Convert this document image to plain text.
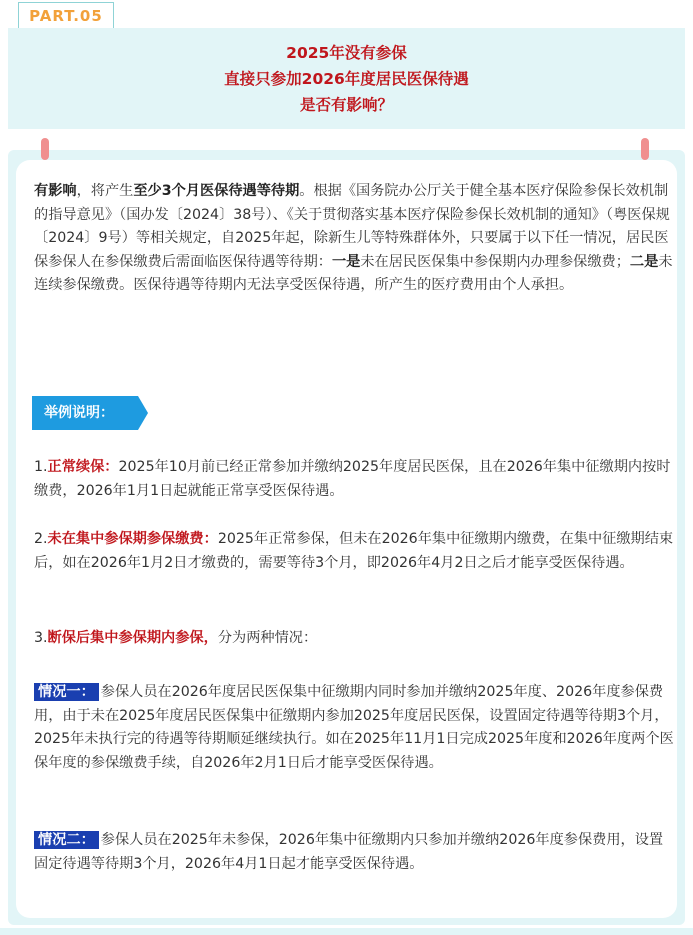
PART.05
2025年没有参保
直接只参加2026年度居民医保待遇
是否有影响？
有影响，将产生至少3个月医保待遇等待期。根据《国务院办公厅关于健全基本医疗保险参保长效机制的指导意见》（国办发〔2024〕38号）、《关于贯彻落实基本医疗保险参保长效机制的通知》（粤医保规〔2024〕9号）等相关规定，自2025年起，除新生儿等特殊群体外，只要属于以下任一情况，居民医保参保人在参保缴费后需面临医保待遇等待期：一是未在居民医保集中参保期内办理参保缴费；二是未连续参保缴费。医保待遇等待期内无法享受医保待遇，所产生的医疗费用由个人承担。
举例说明：
1.正常续保：2025年10月前已经正常参加并缴纳2025年度居民医保，且在2026年集中征缴期内按时缴费，2026年1月1日起就能正常享受医保待遇。
2.未在集中参保期参保缴费：2025年正常参保，但未在2026年集中征缴期内缴费，在集中征缴期结束后，如在2026年1月2日才缴费的，需要等待3个月，即2026年4月2日之后才能享受医保待遇。
3.断保后集中参保期内参保，分为两种情况：
情况一： 参保人员在2026年度居民医保集中征缴期内同时参加并缴纳2025年度、2026年度参保费用，由于未在2025年度居民医保集中征缴期内参加2025年度居民医保，设置固定待遇等待期3个月，2025年未执行完的待遇等待期顺延继续执行。如在2025年11月1日完成2025年度和2026年度两个医保年度的参保缴费手续，自2026年2月1日后才能享受医保待遇。
情况二： 参保人员在2025年未参保，2026年集中征缴期内只参加并缴纳2026年度参保费用，设置固定待遇等待期3个月，2026年4月1日起才能享受医保待遇。
